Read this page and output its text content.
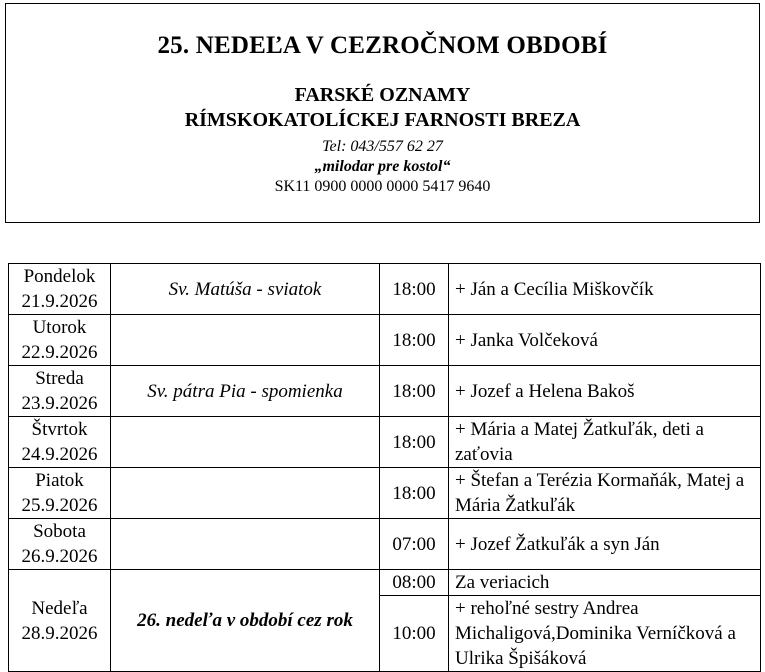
25. NEDEĽA V CEZROČNOM OBDOBÍ
FARSKÉ OZNAMY
RÍMSKOKATOLÍCKEJ FARNOSTI BREZA
Tel: 043/557 62 27
„milodar pre kostol“
SK11 0900 0000 0000 5417 9640
Pondelok
21.9.2026	Sv. Matúša - sviatok	18:00	+ Ján a Cecília Miškovčík

Utorok
22.9.2026		18:00	+ Janka Volčeková

Streda
23.9.2026	Sv. pátra Pia - spomienka	18:00	+ Jozef a Helena Bakoš

Štvrtok
24.9.2026		18:00	+ Mária a Matej Žatkuľák, deti a zaťovia

Piatok
25.9.2026		18:00	+ Štefan a Terézia Kormaňák, Matej a Mária Žatkuľák

Sobota
26.9.2026		07:00	+ Jozef Žatkuľák a syn Ján

Nedeľa
28.9.2026	26. nedeľa v období cez rok	08:00	Za veriacich
		10:00	+ rehoľné sestry Andrea Michaligová,Dominika Verníčková a Ulrika Špišáková
